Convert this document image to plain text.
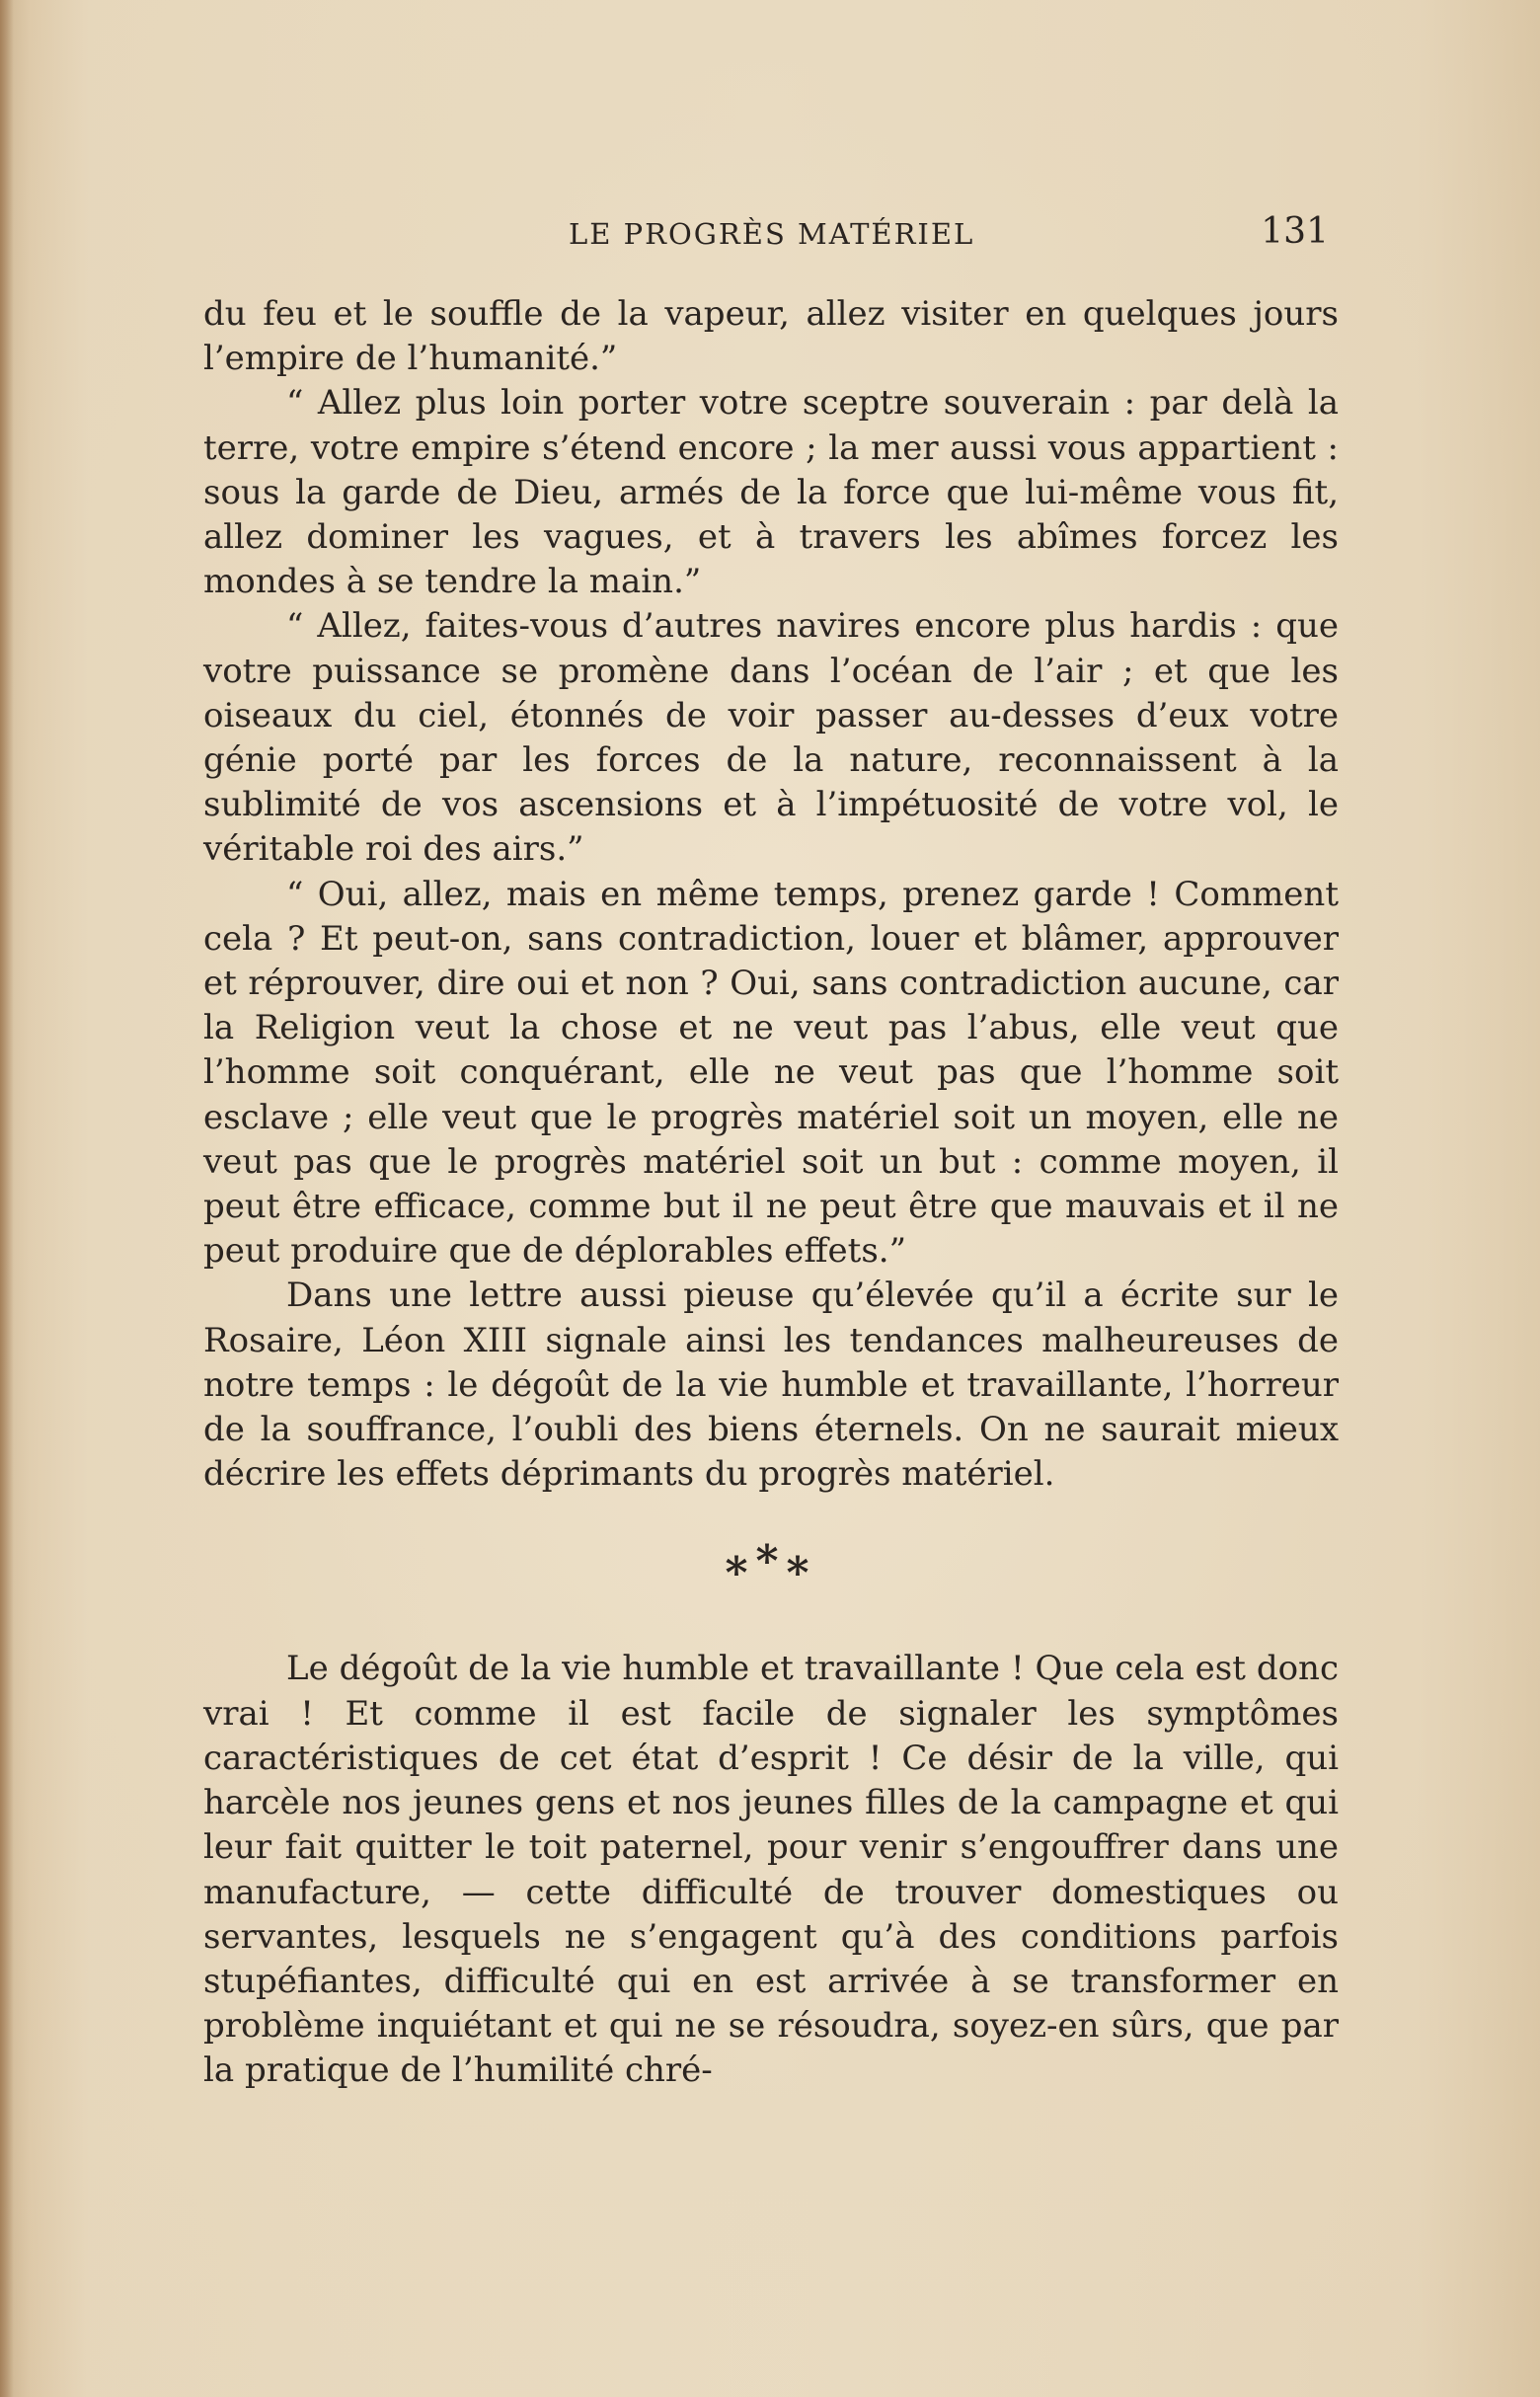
LE PROGRÈS MATÉRIEL	131

du feu et le souffle de la vapeur, allez visiter en quelques jours l’empire de l’humanité.”

“ Allez plus loin porter votre sceptre souverain : par delà la terre, votre empire s’étend encore ; la mer aussi vous appartient : sous la garde de Dieu, armés de la force que lui-même vous fit, allez dominer les vagues, et à travers les abîmes forcez les mondes à se tendre la main.”

“ Allez, faites-vous d’autres navires encore plus hardis : que votre puissance se promène dans l’océan de l’air ; et que les oiseaux du ciel, étonnés de voir passer au-desses d’eux votre génie porté par les forces de la nature, reconnaissent à la sublimité de vos ascensions et à l’impétuosité de votre vol, le véritable roi des airs.”

“ Oui, allez, mais en même temps, prenez garde ! Comment cela ? Et peut-on, sans contradiction, louer et blâmer, approuver et réprouver, dire oui et non ? Oui, sans contradiction aucune, car la Religion veut la chose et ne veut pas l’abus, elle veut que l’homme soit conquérant, elle ne veut pas que l’homme soit esclave ; elle veut que le progrès matériel soit un moyen, elle ne veut pas que le progrès matériel soit un but : comme moyen, il peut être efficace, comme but il ne peut être que mauvais et il ne peut produire que de déplorables effets.”

Dans une lettre aussi pieuse qu’élevée qu’il a écrite sur le Rosaire, Léon XIII signale ainsi les tendances malheureuses de notre temps : le dégoût de la vie humble et travaillante, l’horreur de la souffrance, l’oubli des biens éternels. On ne saurait mieux décrire les effets déprimants du progrès matériel.

***

Le dégoût de la vie humble et travaillante ! Que cela est donc vrai ! Et comme il est facile de signaler les symptômes caractéristiques de cet état d’esprit ! Ce désir de la ville, qui harcèle nos jeunes gens et nos jeunes filles de la campagne et qui leur fait quitter le toit paternel, pour venir s’engouffrer dans une manufacture, — cette difficulté de trouver domestiques ou servantes, lesquels ne s’engagent qu’à des conditions parfois stupéfiantes, difficulté qui en est arrivée à se transformer en problème inquiétant et qui ne se résoudra, soyez-en sûrs, que par la pratique de l’humilité chré-
